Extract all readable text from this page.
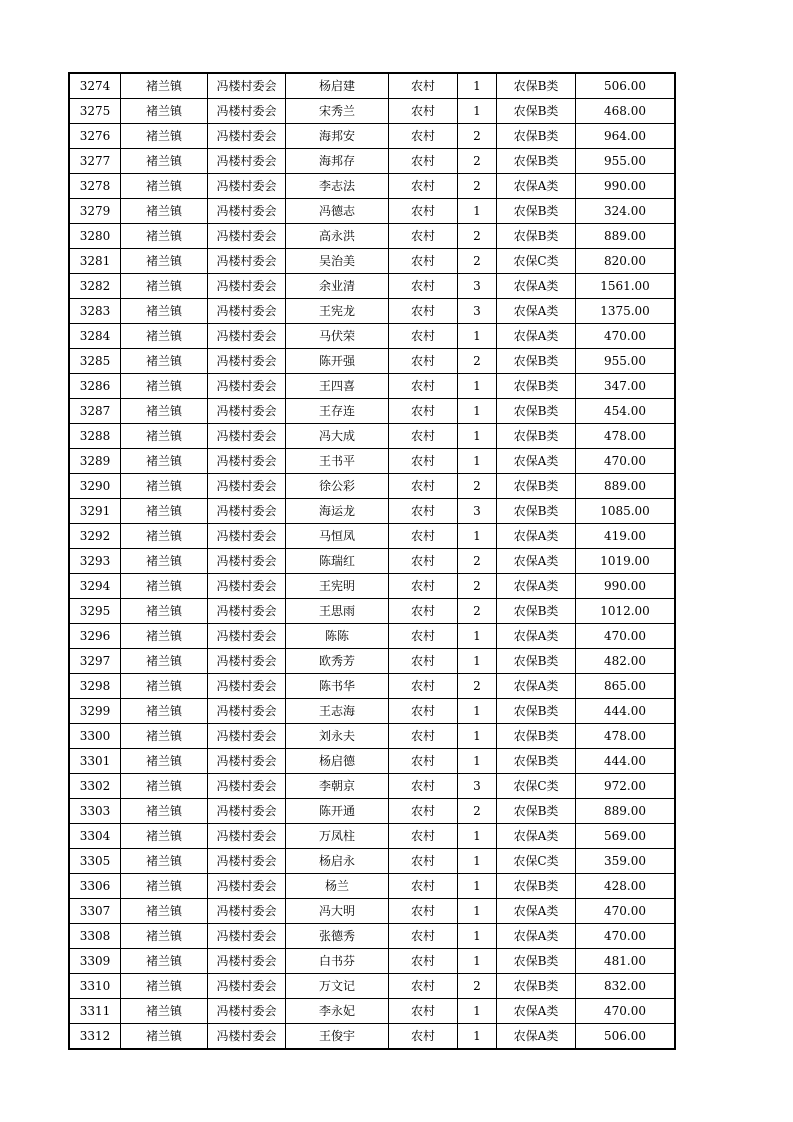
3274	褚兰镇	冯楼村委会	杨启建	农村	1	农保B类	506.00
3275	褚兰镇	冯楼村委会	宋秀兰	农村	1	农保B类	468.00
3276	褚兰镇	冯楼村委会	海邦安	农村	2	农保B类	964.00
3277	褚兰镇	冯楼村委会	海邦存	农村	2	农保B类	955.00
3278	褚兰镇	冯楼村委会	李志法	农村	2	农保A类	990.00
3279	褚兰镇	冯楼村委会	冯德志	农村	1	农保B类	324.00
3280	褚兰镇	冯楼村委会	高永洪	农村	2	农保B类	889.00
3281	褚兰镇	冯楼村委会	吴治美	农村	2	农保C类	820.00
3282	褚兰镇	冯楼村委会	余业清	农村	3	农保A类	1561.00
3283	褚兰镇	冯楼村委会	王宪龙	农村	3	农保A类	1375.00
3284	褚兰镇	冯楼村委会	马伏荣	农村	1	农保A类	470.00
3285	褚兰镇	冯楼村委会	陈开强	农村	2	农保B类	955.00
3286	褚兰镇	冯楼村委会	王四喜	农村	1	农保B类	347.00
3287	褚兰镇	冯楼村委会	王存连	农村	1	农保B类	454.00
3288	褚兰镇	冯楼村委会	冯大成	农村	1	农保B类	478.00
3289	褚兰镇	冯楼村委会	王书平	农村	1	农保A类	470.00
3290	褚兰镇	冯楼村委会	徐公彩	农村	2	农保B类	889.00
3291	褚兰镇	冯楼村委会	海运龙	农村	3	农保B类	1085.00
3292	褚兰镇	冯楼村委会	马恒凤	农村	1	农保A类	419.00
3293	褚兰镇	冯楼村委会	陈瑞红	农村	2	农保A类	1019.00
3294	褚兰镇	冯楼村委会	王宪明	农村	2	农保A类	990.00
3295	褚兰镇	冯楼村委会	王思雨	农村	2	农保B类	1012.00
3296	褚兰镇	冯楼村委会	陈陈	农村	1	农保A类	470.00
3297	褚兰镇	冯楼村委会	欧秀芳	农村	1	农保B类	482.00
3298	褚兰镇	冯楼村委会	陈书华	农村	2	农保A类	865.00
3299	褚兰镇	冯楼村委会	王志海	农村	1	农保B类	444.00
3300	褚兰镇	冯楼村委会	刘永夫	农村	1	农保B类	478.00
3301	褚兰镇	冯楼村委会	杨启德	农村	1	农保B类	444.00
3302	褚兰镇	冯楼村委会	李朝京	农村	3	农保C类	972.00
3303	褚兰镇	冯楼村委会	陈开通	农村	2	农保B类	889.00
3304	褚兰镇	冯楼村委会	万凤柱	农村	1	农保A类	569.00
3305	褚兰镇	冯楼村委会	杨启永	农村	1	农保C类	359.00
3306	褚兰镇	冯楼村委会	杨兰	农村	1	农保B类	428.00
3307	褚兰镇	冯楼村委会	冯大明	农村	1	农保A类	470.00
3308	褚兰镇	冯楼村委会	张德秀	农村	1	农保A类	470.00
3309	褚兰镇	冯楼村委会	白书芬	农村	1	农保B类	481.00
3310	褚兰镇	冯楼村委会	万文记	农村	2	农保B类	832.00
3311	褚兰镇	冯楼村委会	李永妃	农村	1	农保A类	470.00
3312	褚兰镇	冯楼村委会	王俊宇	农村	1	农保A类	506.00
